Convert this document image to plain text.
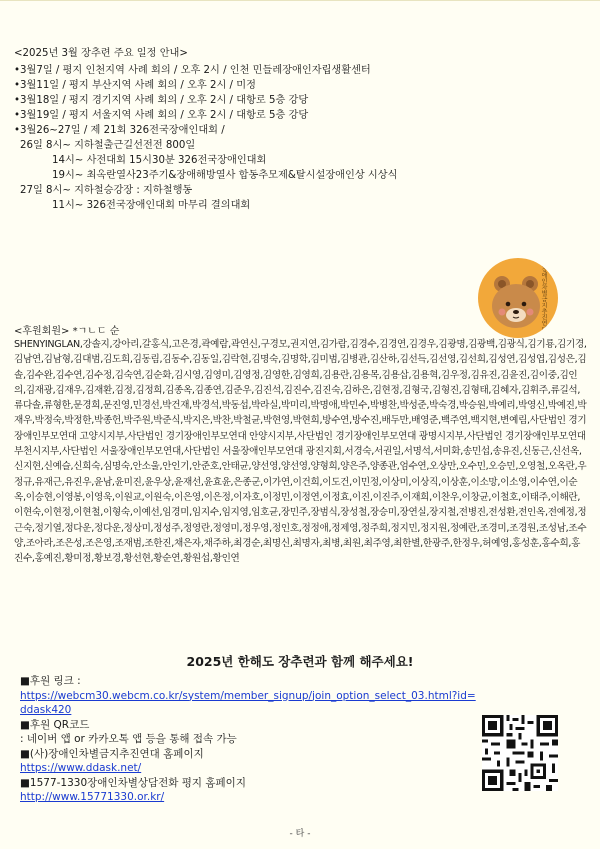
<2025년 3월 장추련 주요 일정 안내>
•3월7일 / 평지 인천지역 사례 회의 / 오후 2시 / 인천 민들레장애인자립생활센터
•3월11일 / 평지 부산지역 사례 회의 / 오후 2시 / 미정
•3월18일 / 평지 경기지역 사례 회의 / 오후 2시 / 대항로 5층 강당
•3월19일 / 평지 서울지역 사례 회의 / 오후 2시 / 대항로 5층 강당
•3월26~27일 / 제 21회 326전국장애인대회 /
26일 8시~ 지하철출근길선전전 800일
14시~ 사전대회 15시30분 326전국장애인대회
19시~ 최옥란열사23주기&장애해방열사 합동추모제&탈시설장애인상 시상식
27일 8시~ 지하철승강장 : 지하철행동
11시~ 326전국장애인대회 마무리 결의대회
장애인차별금지추진연대
<후원회원> *ㄱㄴㄷ 순
SHENYINGLAN,강솔지,강아리,갈홍식,고은경,곽예람,곽연신,구경모,권지연,김가람,김경수,김경연,김경우,김광명,김광백,김광식,김기룡,김기경,김남연,김남형,김대범,김도희,김동림,김동수,김동일,김락현,김명숙,김명학,김미범,김병관,김산하,김선득,김선영,김선희,김성연,김성엽,김성은,김솔,김수완,김수연,김수정,김숙연,김순화,김시영,김영미,김영정,김영한,김영희,김용란,김용목,김용삽,김용혁,김우정,김유진,김윤진,김이중,김인의,김재광,김재우,김재환,김정,김정희,김종옥,김종연,김준우,김진석,김진수,김진숙,김하은,김현정,김형국,김형진,김형태,김혜자,김휘주,류길석,류다솔,류형한,문경희,문진영,민경선,박건재,박경석,박동섭,박라실,박미리,박명애,박민수,박병찬,박성준,박숙경,박승원,박예리,박영신,박예진,박재우,박정숙,박정한,박종헌,박주원,박준식,박지은,박찬,박철균,박현영,박현희,방수연,방수진,배두만,배영준,백주연,백지현,변예림,사단법인 경기장애인부모연대 고양시지부,사단법인 경기장애인부모연대 안양시지부,사단법인 경기장애인부모연대 광명시지부,사단법인 경기장애인부모연대 부천시지부,사단법인 서울장애인부모연대,사단법인 서울장애인부모연대 광진지회,서경숙,서권일,서명석,서미화,송민섭,송유진,신동근,신선옥,신지현,신예슬,신희숙,심명숙,안소울,안인기,안준호,안태균,양선영,양선영,양형희,양은주,양종관,엄수연,오상만,오수민,오승민,오영철,오옥란,우정규,유재근,유진우,윤남,윤미진,윤우상,윤재선,윤효윤,은종군,이가연,이건희,이도건,이민정,이상미,이상직,이상훈,이소망,이소영,이수연,이순옥,이승현,이영봉,이영욱,이원교,이원숙,이은영,이은정,이자호,이정민,이정연,이정효,이진,이진주,이재희,이찬우,이창균,이철호,이태주,이해란,이현숙,이현정,이현철,이형숙,이예선,임경미,임지수,임지영,임호균,장민주,장범식,장성철,장승미,장연실,장지철,전병진,전성환,전인옥,전예정,정근숙,정기열,정다운,정다운,정상미,정성주,정영란,정영미,정우영,정인호,정정애,정제영,정주희,정지민,정지원,정예란,조경미,조경원,조성남,조수양,조아라,조은성,조은영,조재범,조한진,채은자,채주하,최경순,최명신,최명자,최병,최원,최주영,최한별,한광주,한정우,허예영,홍성훈,홍수희,홍진수,홍예진,황미정,황보경,황선현,황순연,황원섭,황인연
2025년 한해도 장추련과 함께 해주세요!
■후원 링크 :
https://webcm30.webcm.co.kr/system/member_signup/join_option_select_03.html?id=ddask420
■후원 QR코드
: 네이버 앱 or 카카오톡 앱 등을 통해 접속 가능
■(사)장애인차별금지추진연대 홈페이지
https://www.ddask.net/
■1577-1330장애인차별상담전화 평지 홈페이지
http://www.15771330.or.kr/
- 타 -
